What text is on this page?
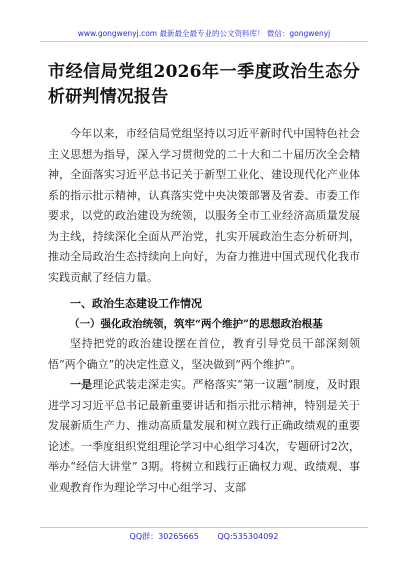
www.gongwenyj.com 最新最全最专业的公文资料库！ 微信：gongwenyj
市经信局党组2026年一季度政治生态分析研判情况报告
今年以来，市经信局党组坚持以习近平新时代中国特色社会主义思想为指导，深入学习贯彻党的二十大和二十届历次全会精神，全面落实习近平总书记关于新型工业化、建设现代化产业体系的指示批示精神，认真落实党中央决策部署及省委、市委工作要求，以党的政治建设为统领，以服务全市工业经济高质量发展为主线，持续深化全面从严治党，扎实开展政治生态分析研判，推动全局政治生态持续向上向好，为奋力推进中国式现代化我市实践贡献了经信力量。
一、政治生态建设工作情况
（一）强化政治统领，筑牢“两个维护”的思想政治根基
坚持把党的政治建设摆在首位，教育引导党员干部深刻领悟“两个确立”的决定性意义，坚决做到“两个维护”。
一是理论武装走深走实。严格落实“第一议题”制度，及时跟进学习习近平总书记最新重要讲话和指示批示精神，特别是关于发展新质生产力、推动高质量发展和树立践行正确政绩观的重要论述。一季度组织党组理论学习中心组学习4次，专题研讨2次，举办“经信大讲堂” 3期。将树立和践行正确权力观、政绩观、事业观教育作为理论学习中心组学习、支部
QQ群：30265665 QQ:535304092
